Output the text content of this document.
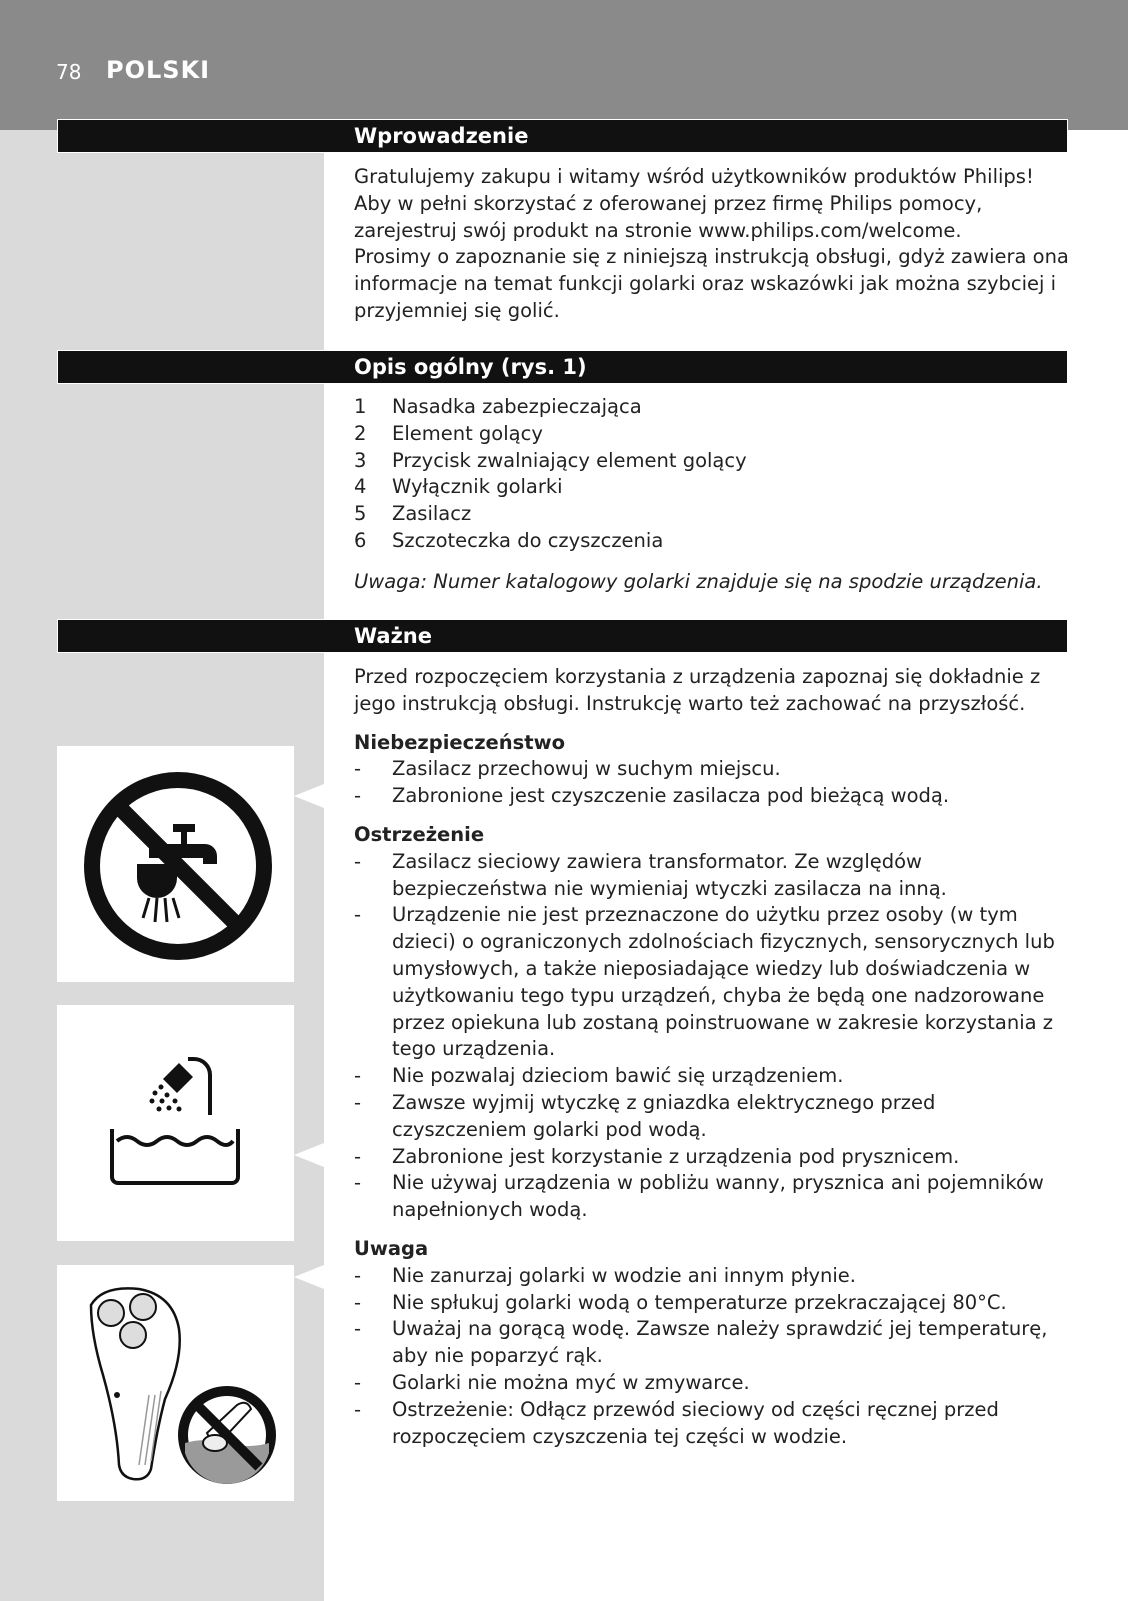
78 POLSKI
Wprowadzenie

Gratulujemy zakupu i witamy wśród użytkowników produktów Philips! Aby w pełni skorzystać z oferowanej przez firmę Philips pomocy, zarejestruj swój produkt na stronie www.philips.com/welcome.

Prosimy o zapoznanie się z niniejszą instrukcją obsługi, gdyż zawiera ona informacje na temat funkcji golarki oraz wskazówki jak można szybciej i przyjemniej się golić.

Opis ogólny (rys. 1)
1 Nasadka zabezpieczająca
2 Element golący
3 Przycisk zwalniający element golący
4 Wyłącznik golarki
5 Zasilacz
6 Szczoteczka do czyszczenia

Uwaga: Numer katalogowy golarki znajduje się na spodzie urządzenia.

Ważne

Przed rozpoczęciem korzystania z urządzenia zapoznaj się dokładnie z jego instrukcją obsługi. Instrukcję warto też zachować na przyszłość.

Niebezpieczeństwo

- Zasilacz przechowuj w suchym miejscu.
- Zabronione jest czyszczenie zasilacza pod bieżącą wodą.

Ostrzeżenie

- Zasilacz sieciowy zawiera transformator. Ze względów bezpieczeństwa nie wymieniaj wtyczki zasilacza na inną.
- Urządzenie nie jest przeznaczone do użytku przez osoby (w tym dzieci) o ograniczonych zdolnościach fizycznych, sensorycznych lub umysłowych, a także nieposiadające wiedzy lub doświadczenia w użytkowaniu tego typu urządzeń, chyba że będą one nadzorowane przez opiekuna lub zostaną poinstruowane w zakresie korzystania z tego urządzenia.
- Nie pozwalaj dzieciom bawić się urządzeniem.
- Zawsze wyjmij wtyczkę z gniazdka elektrycznego przed czyszczeniem golarki pod wodą.
- Zabronione jest korzystanie z urządzenia pod prysznicem.
- Nie używaj urządzenia w pobliżu wanny, prysznica ani pojemników napełnionych wodą.

Uwaga

- Nie zanurzaj golarki w wodzie ani innym płynie.
- Nie spłukuj golarki wodą o temperaturze przekraczającej 80°C.
- Uważaj na gorącą wodę. Zawsze należy sprawdzić jej temperaturę, aby nie poparzyć rąk.
- Golarki nie można myć w zmywarce.
- Ostrzeżenie: Odłącz przewód sieciowy od części ręcznej przed rozpoczęciem czyszczenia tej części w wodzie.
